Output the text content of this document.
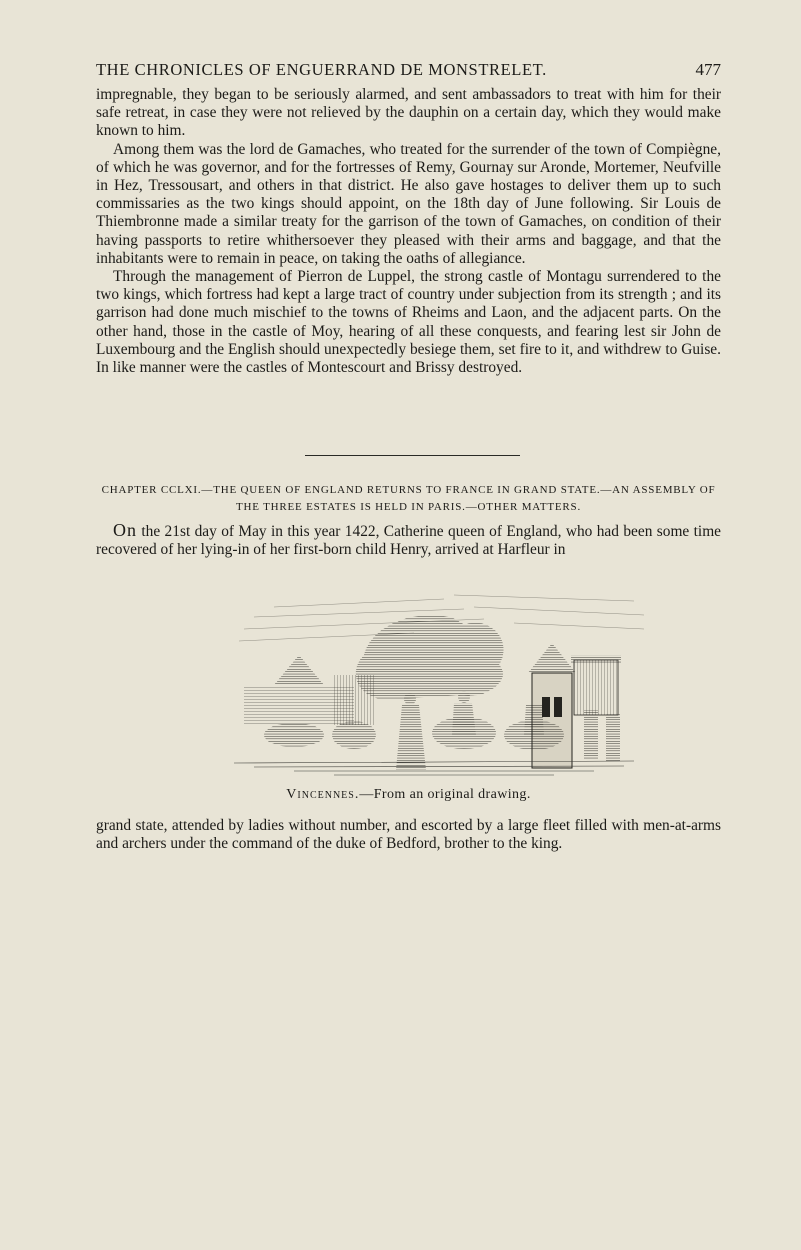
THE CHRONICLES OF ENGUERRAND DE MONSTRELET.	477

impregnable, they began to be seriously alarmed, and sent ambassadors to treat with him for their safe retreat, in case they were not relieved by the dauphin on a certain day, which they would make known to him.

Among them was the lord de Gamaches, who treated for the surrender of the town of Compiègne, of which he was governor, and for the fortresses of Remy, Gournay sur Aronde, Mortemer, Neufville in Hez, Tressousart, and others in that district. He also gave hostages to deliver them up to such commissaries as the two kings should appoint, on the 18th day of June following. Sir Louis de Thiembronne made a similar treaty for the garrison of the town of Gamaches, on condition of their having passports to retire whithersoever they pleased with their arms and baggage, and that the inhabitants were to remain in peace, on taking the oaths of allegiance.

Through the management of Pierron de Luppel, the strong castle of Montagu surrendered to the two kings, which fortress had kept a large tract of country under subjection from its strength ; and its garrison had done much mischief to the towns of Rheims and Laon, and the adjacent parts. On the other hand, those in the castle of Moy, hearing of all these conquests, and fearing lest sir John de Luxembourg and the English should unexpectedly besiege them, set fire to it, and withdrew to Guise. In like manner were the castles of Montescourt and Brissy destroyed.

CHAPTER CCLXI.—THE QUEEN OF ENGLAND RETURNS TO FRANCE IN GRAND STATE.—AN ASSEMBLY OF THE THREE ESTATES IS HELD IN PARIS.—OTHER MATTERS.

On the 21st day of May in this year 1422, Catherine queen of England, who had been some time recovered of her lying-in of her first-born child Henry, arrived at Harfleur in

Vincennes.—From an original drawing.

grand state, attended by ladies without number, and escorted by a large fleet filled with men-at-arms and archers under the command of the duke of Bedford, brother to the king.
